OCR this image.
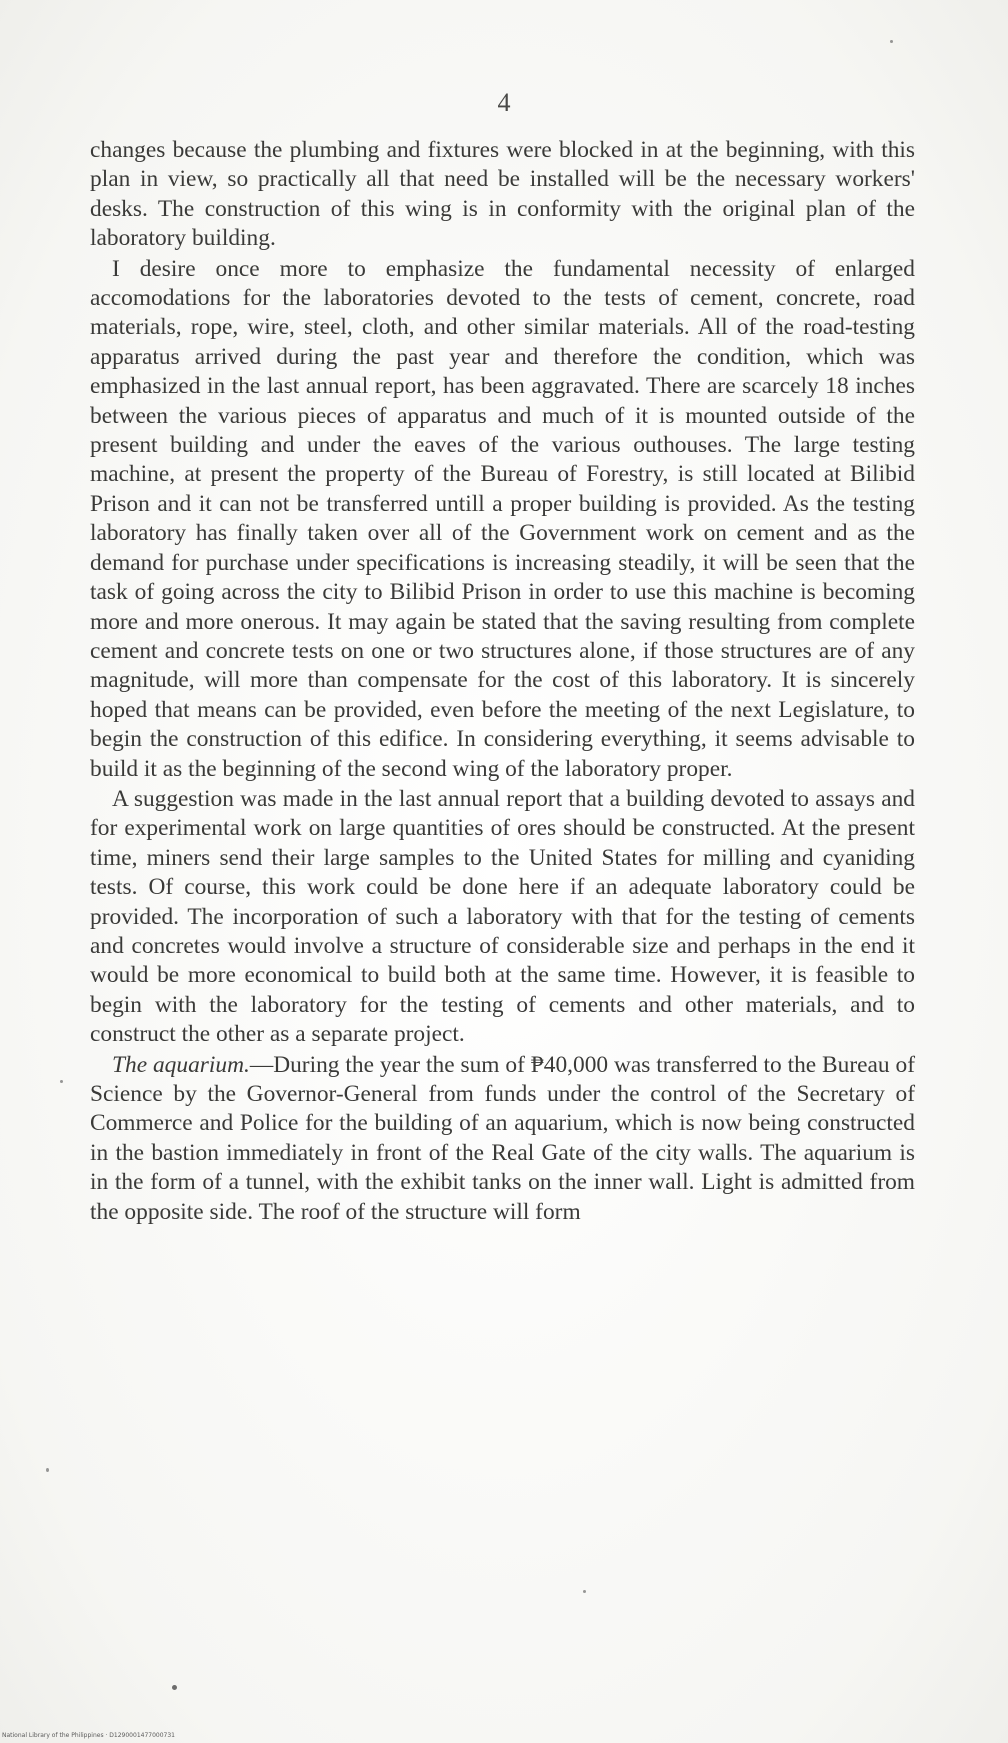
4

changes because the plumbing and fixtures were blocked in at the beginning, with this plan in view, so practically all that need be installed will be the necessary workers' desks. The construction of this wing is in conformity with the original plan of the laboratory building.

I desire once more to emphasize the fundamental necessity of enlarged accomodations for the laboratories devoted to the tests of cement, concrete, road materials, rope, wire, steel, cloth, and other similar materials. All of the road-testing apparatus arrived during the past year and therefore the condition, which was emphasized in the last annual report, has been aggravated. There are scarcely 18 inches between the various pieces of apparatus and much of it is mounted outside of the present building and under the eaves of the various outhouses. The large testing machine, at present the property of the Bureau of Forestry, is still located at Bilibid Prison and it can not be transferred untill a proper building is provided. As the testing laboratory has finally taken over all of the Government work on cement and as the demand for purchase under specifications is increasing steadily, it will be seen that the task of going across the city to Bilibid Prison in order to use this machine is becoming more and more onerous. It may again be stated that the saving resulting from complete cement and concrete tests on one or two structures alone, if those structures are of any magnitude, will more than compensate for the cost of this laboratory. It is sincerely hoped that means can be provided, even before the meeting of the next Legislature, to begin the construction of this edifice. In considering everything, it seems advisable to build it as the beginning of the second wing of the laboratory proper.

A suggestion was made in the last annual report that a building devoted to assays and for experimental work on large quantities of ores should be constructed. At the present time, miners send their large samples to the United States for milling and cyaniding tests. Of course, this work could be done here if an adequate laboratory could be provided. The incorporation of such a laboratory with that for the testing of cements and concretes would involve a structure of considerable size and perhaps in the end it would be more economical to build both at the same time. However, it is feasible to begin with the laboratory for the testing of cements and other materials, and to construct the other as a separate project.

The aquarium.—During the year the sum of ₱40,000 was transferred to the Bureau of Science by the Governor-General from funds under the control of the Secretary of Commerce and Police for the building of an aquarium, which is now being constructed in the bastion immediately in front of the Real Gate of the city walls. The aquarium is in the form of a tunnel, with the exhibit tanks on the inner wall. Light is admitted from the opposite side. The roof of the structure will form

National Library of the Philippines · D1290001477000731
